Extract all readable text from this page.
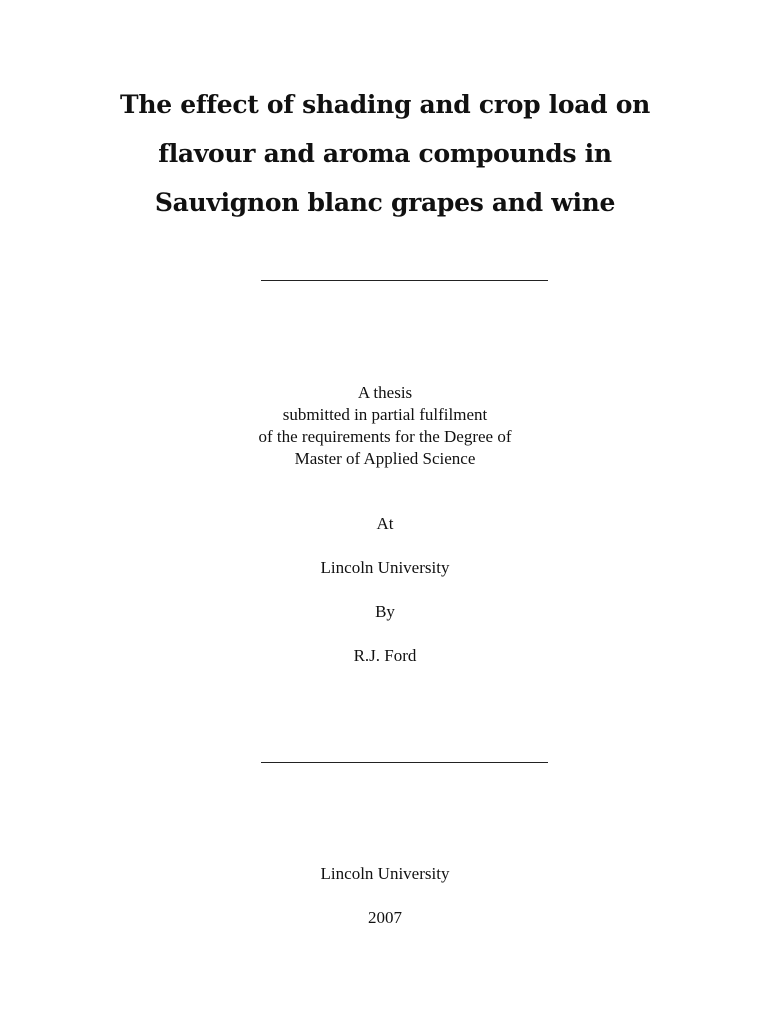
The effect of shading and crop load on
flavour and aroma compounds in
Sauvignon blanc grapes and wine
A thesis
submitted in partial fulfilment
of the requirements for the Degree of
Master of Applied Science
At
Lincoln University
By
R.J. Ford
Lincoln University
2007
